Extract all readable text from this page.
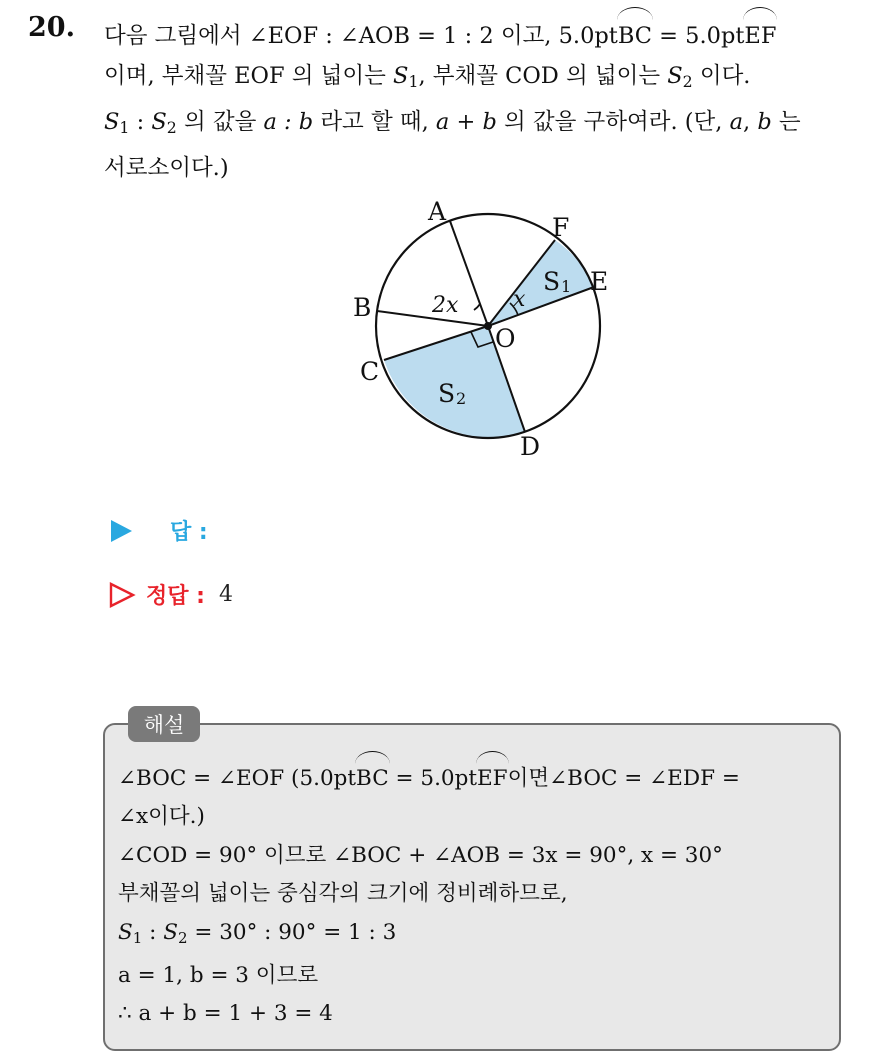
20. 다음 그림에서 ∠EOF : ∠AOB = 1 : 2 이고, 5.0ptBC = 5.0ptEF
이며, 부채꼴 EOF 의 넓이는 $S_1$, 부채꼴 COD 의 넓이는 $S_2$ 이다.
$S_1$ : $S_2$ 의 값을 a : b 라고 할 때, a + b 의 값을 구하여라. (단, a, b 는
서로소이다.)
A
F
E
B
O
C
D
S 1
S 2
2x x
답 :
정답 : 4
해설
∠BOC = ∠EOF (5.0ptBC = 5.0ptEF이면∠BOC = ∠EDF =
∠x이다.)
∠COD = 90° 이므로 ∠BOC + ∠AOB = 3x = 90°, x = 30°
부채꼴의 넓이는 중심각의 크기에 정비례하므로,
$S_1$ : $S_2 = 30^\circ$ : 90° = 1 : 3
a = 1, b = 3 이므로
∴ a + b = 1 + 3 = 4
